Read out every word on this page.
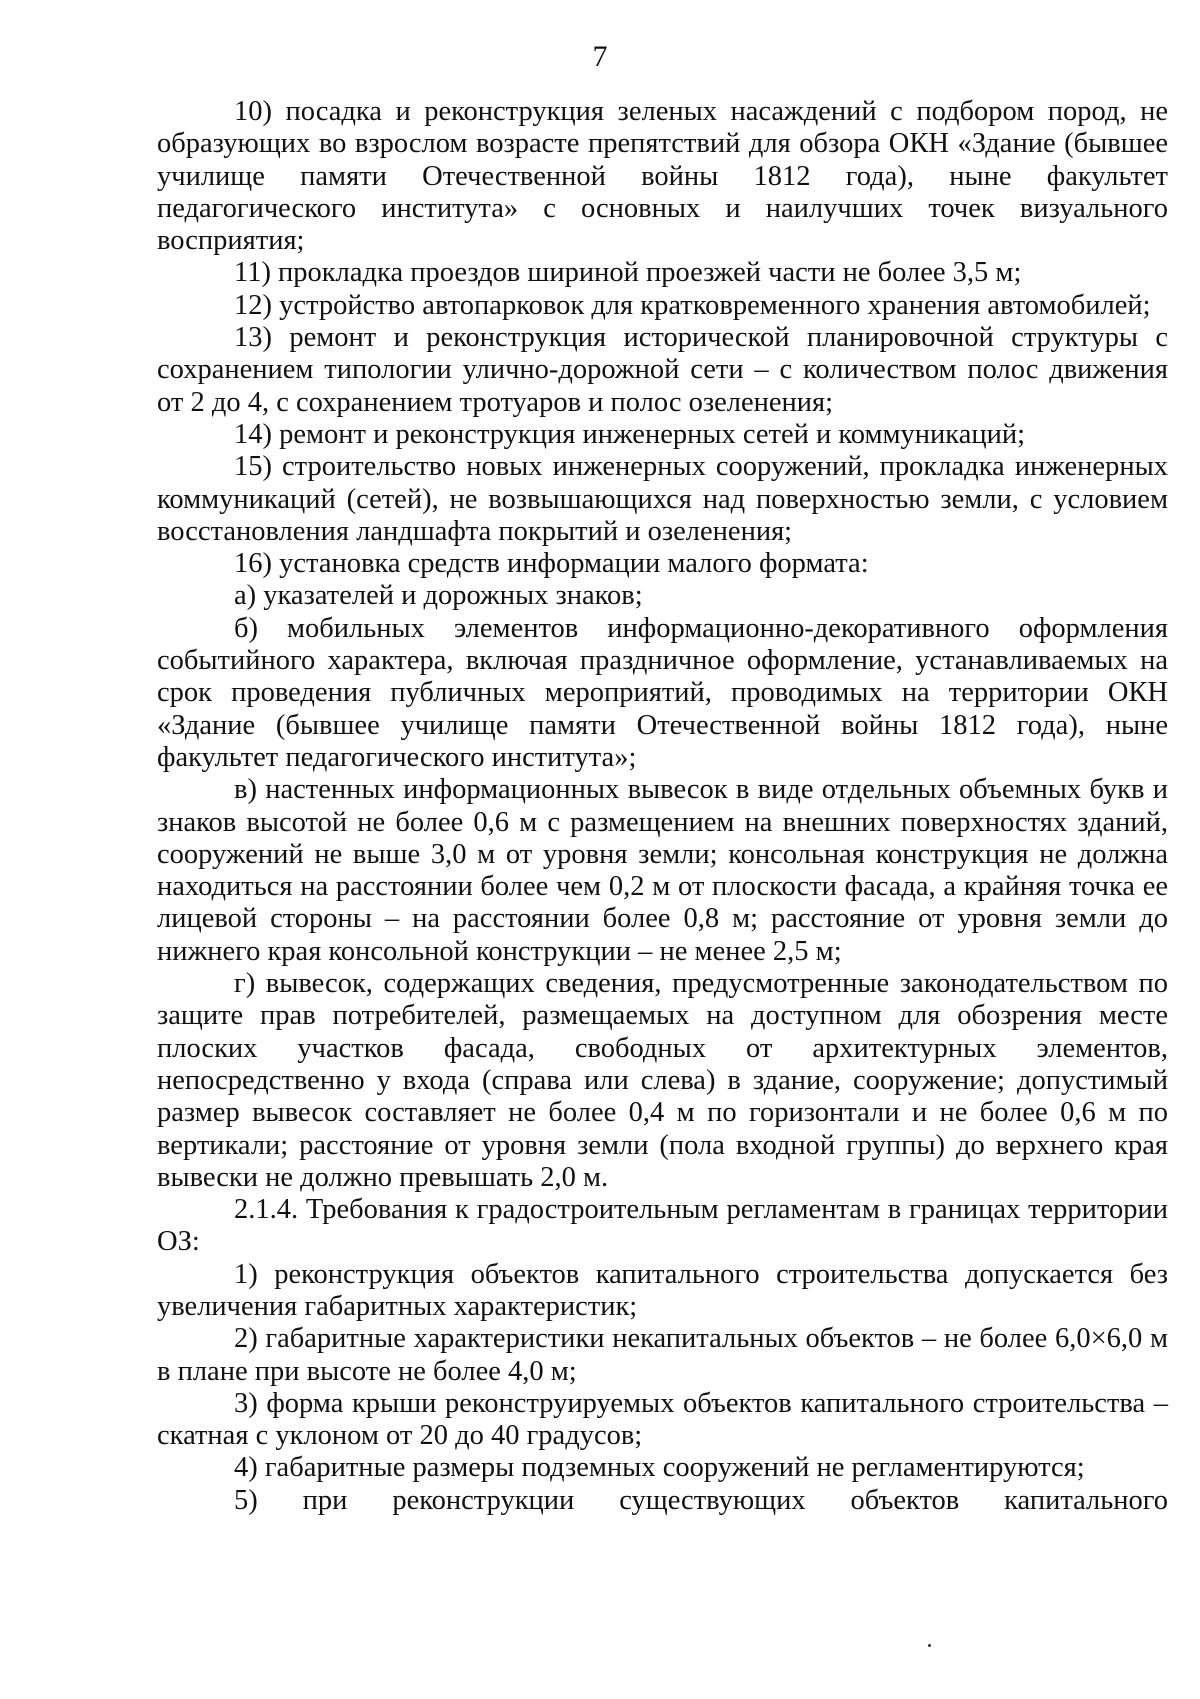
7

10) посадка и реконструкция зеленых насаждений с подбором пород, не образующих во взрослом возрасте препятствий для обзора ОКН «Здание (бывшее училище памяти Отечественной войны 1812 года), ныне факультет педагогического института» с основных и наилучших точек визуального восприятия;

11) прокладка проездов шириной проезжей части не более 3,5 м;

12) устройство автопарковок для кратковременного хранения автомобилей;

13) ремонт и реконструкция исторической планировочной структуры с сохранением типологии улично-дорожной сети – с количеством полос движения от 2 до 4, с сохранением тротуаров и полос озеленения;

14) ремонт и реконструкция инженерных сетей и коммуникаций;

15) строительство новых инженерных сооружений, прокладка инженерных коммуникаций (сетей), не возвышающихся над поверхностью земли, с условием восстановления ландшафта покрытий и озеленения;

16) установка средств информации малого формата:

а) указателей и дорожных знаков;

б) мобильных элементов информационно-декоративного оформления событийного характера, включая праздничное оформление, устанавливаемых на срок проведения публичных мероприятий, проводимых на территории ОКН «Здание (бывшее училище памяти Отечественной войны 1812 года), ныне факультет педагогического института»;

в) настенных информационных вывесок в виде отдельных объемных букв и знаков высотой не более 0,6 м с размещением на внешних поверхностях зданий, сооружений не выше 3,0 м от уровня земли; консольная конструкция не должна находиться на расстоянии более чем 0,2 м от плоскости фасада, а крайняя точка ее лицевой стороны – на расстоянии более 0,8 м; расстояние от уровня земли до нижнего края консольной конструкции – не менее 2,5 м;

г) вывесок, содержащих сведения, предусмотренные законодательством по защите прав потребителей, размещаемых на доступном для обозрения месте плоских участков фасада, свободных от архитектурных элементов, непосредственно у входа (справа или слева) в здание, сооружение; допустимый размер вывесок составляет не более 0,4 м по горизонтали и не более 0,6 м по вертикали; расстояние от уровня земли (пола входной группы) до верхнего края вывески не должно превышать 2,0 м.

2.1.4. Требования к градостроительным регламентам в границах территории ОЗ:

1) реконструкция объектов капитального строительства допускается без увеличения габаритных характеристик;

2) габаритные характеристики некапитальных объектов – не более 6,0×6,0 м в плане при высоте не более 4,0 м;

3) форма крыши реконструируемых объектов капитального строительства – скатная с уклоном от 20 до 40 градусов;

4) габаритные размеры подземных сооружений не регламентируются;

5) при реконструкции существующих объектов капитального
